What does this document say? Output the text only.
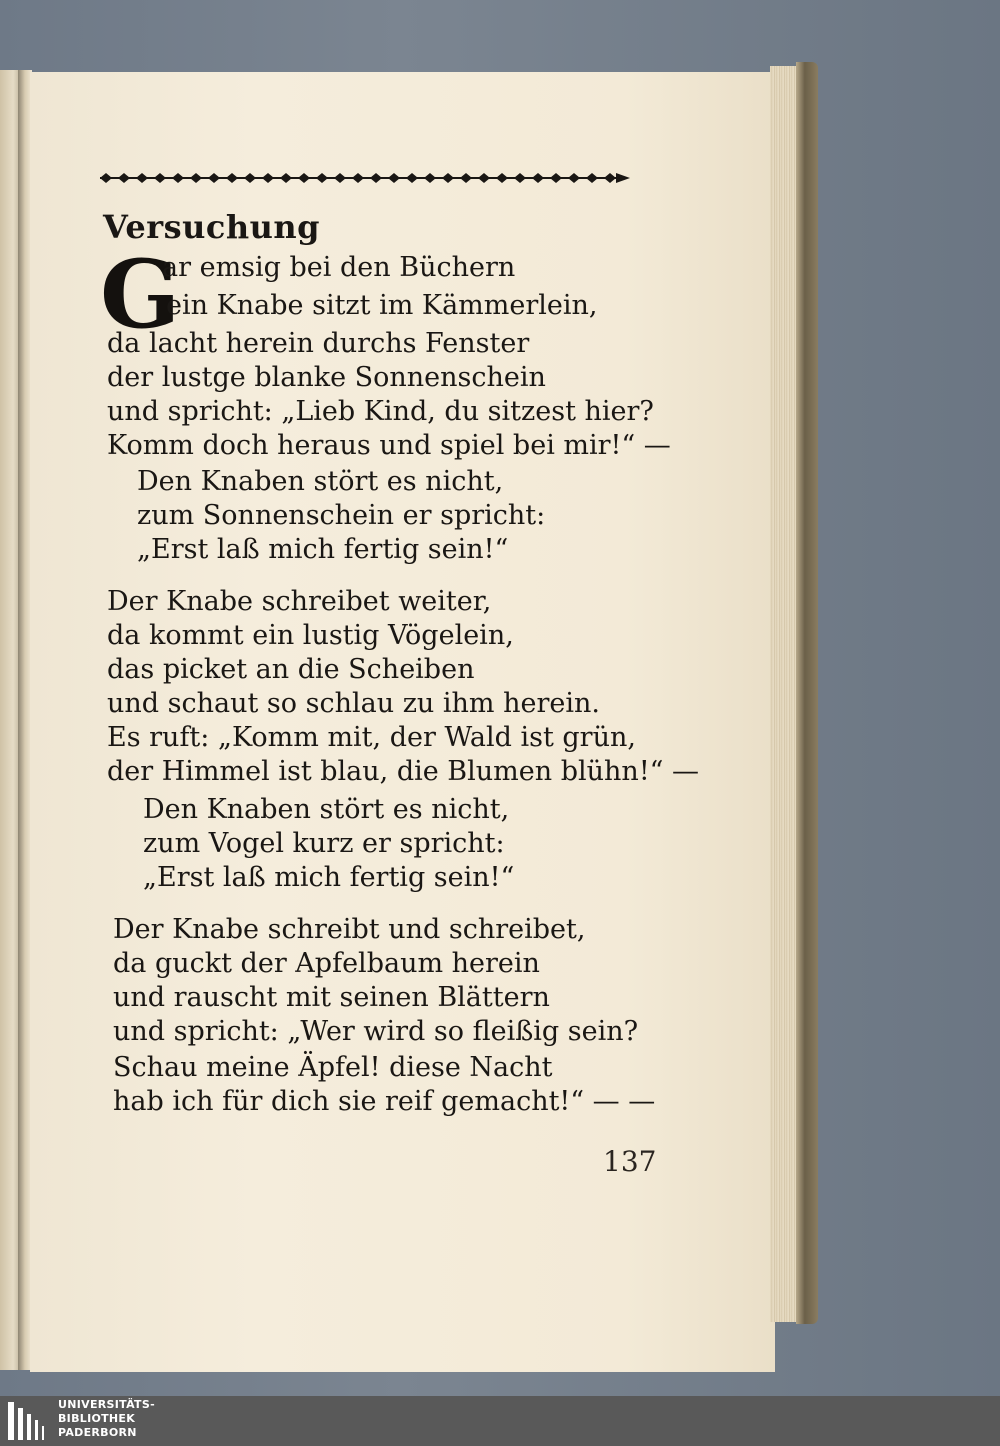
Versuchung
G
ar emsig bei den Büchern
ein Knabe sitzt im Kämmerlein,
da lacht herein durchs Fenster
der lustge blanke Sonnenschein
und spricht: „Lieb Kind, du sitzest hier?
Komm doch heraus und spiel bei mir!“ —
Den Knaben stört es nicht,
zum Sonnenschein er spricht:
„Erst laß mich fertig sein!“
Der Knabe schreibet weiter,
da kommt ein lustig Vögelein,
das picket an die Scheiben
und schaut so schlau zu ihm herein.
Es ruft: „Komm mit, der Wald ist grün,
der Himmel ist blau, die Blumen blühn!“ —
Den Knaben stört es nicht,
zum Vogel kurz er spricht:
„Erst laß mich fertig sein!“
Der Knabe schreibt und schreibet,
da guckt der Apfelbaum herein
und rauscht mit seinen Blättern
und spricht: „Wer wird so fleißig sein?
Schau meine Äpfel! diese Nacht
hab ich für dich sie reif gemacht!“ — —
137
UNIVERSITÄTS-
BIBLIOTHEK
PADERBORN
